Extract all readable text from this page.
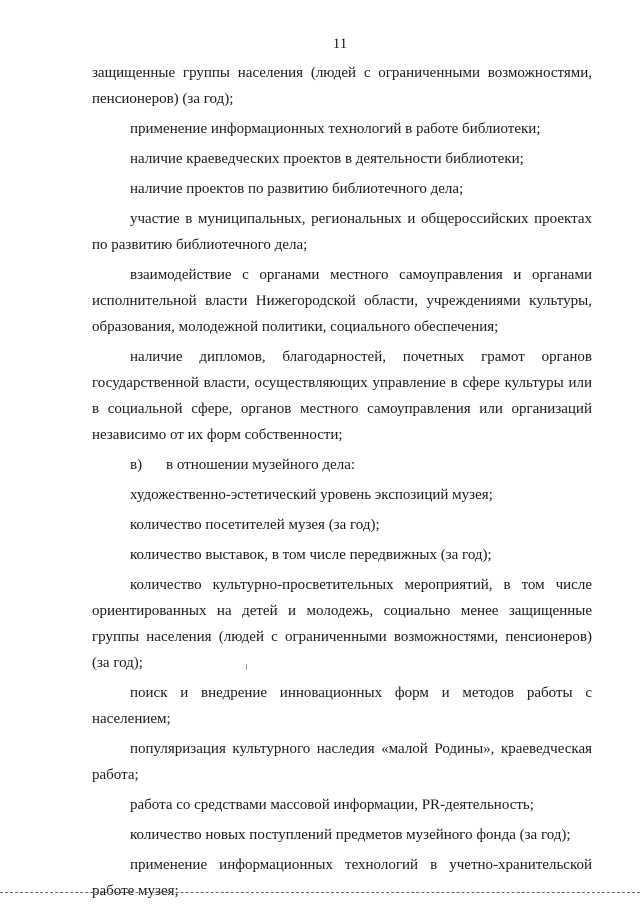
11

защищенные группы населения (людей с ограниченными возможностями, пенсионеров) (за год);

применение информационных технологий в работе библиотеки;

наличие краеведческих проектов в деятельности библиотеки;

наличие проектов по развитию библиотечного дела;

участие в муниципальных, региональных и общероссийских проектах по развитию библиотечного дела;

взаимодействие с органами местного самоуправления и органами исполнительной власти Нижегородской области, учреждениями культуры, образования, молодежной политики, социального обеспечения;

наличие дипломов, благодарностей, почетных грамот органов государственной власти, осуществляющих управление в сфере культуры или в социальной сфере, органов местного самоуправления или организаций независимо от их форм собственности;

в) в отношении музейного дела:

художественно-эстетический уровень экспозиций музея;

количество посетителей музея (за год);

количество выставок, в том числе передвижных (за год);

количество культурно-просветительных мероприятий, в том числе ориентированных на детей и молодежь, социально менее защищенные группы населения (людей с ограниченными возможностями, пенсионеров) (за год);

поиск и внедрение инновационных форм и методов работы с населением;

популяризация культурного наследия «малой Родины», краеведческая работа;

работа со средствами массовой информации, PR-деятельность;

количество новых поступлений предметов музейного фонда (за год);

применение информационных технологий в учетно-хранительской работе музея;
